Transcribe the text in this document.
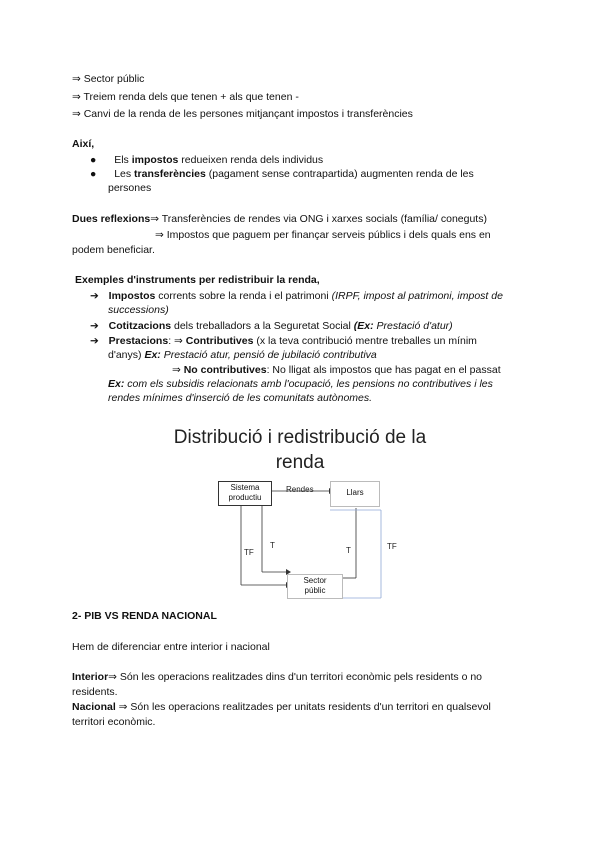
⇒ Sector públic
⇒ Treiem renda dels que tenen + als que tenen -
⇒ Canvi de la renda de les persones mitjançant impostos i transferències
Així,
● Els impostos redueixen renda dels individus
● Les transferències (pagament sense contrapartida) augmenten renda de les
persones
Dues reflexions⇒ Transferències de rendes via ONG i xarxes socials (família/ coneguts)
⇒ Impostos que paguem per finançar serveis públics i dels quals ens en
podem beneficiar.
Exemples d'instruments per redistribuir la renda,
➔ Impostos corrents sobre la renda i el patrimoni (IRPF, impost al patrimoni, impost de
successions)
➔ Cotitzacions dels treballadors a la Seguretat Social (Ex: Prestació d'atur)
➔ Prestacions: ⇒ Contributives (x la teva contribució mentre treballes un mínim
d'anys) Ex: Prestació atur, pensió de jubilació contributiva
⇒ No contributives: No lligat als impostos que has pagat en el passat
Ex: com els subsidis relacionats amb l'ocupació, les pensions no contributives i les
rendes mínimes d'inserció de les comunitats autònomes.
Distribució i redistribució de la
renda
Sistema
productiu
Llars
Sector
públic
Rendes
TF
T
T	TF
2- PIB VS RENDA NACIONAL
Hem de diferenciar entre interior i nacional
Interior⇒ Són les operacions realitzades dins d'un territori econòmic pels residents o no
residents.
Nacional ⇒ Són les operacions realitzades per unitats residents d'un territori en qualsevol
territori econòmic.
